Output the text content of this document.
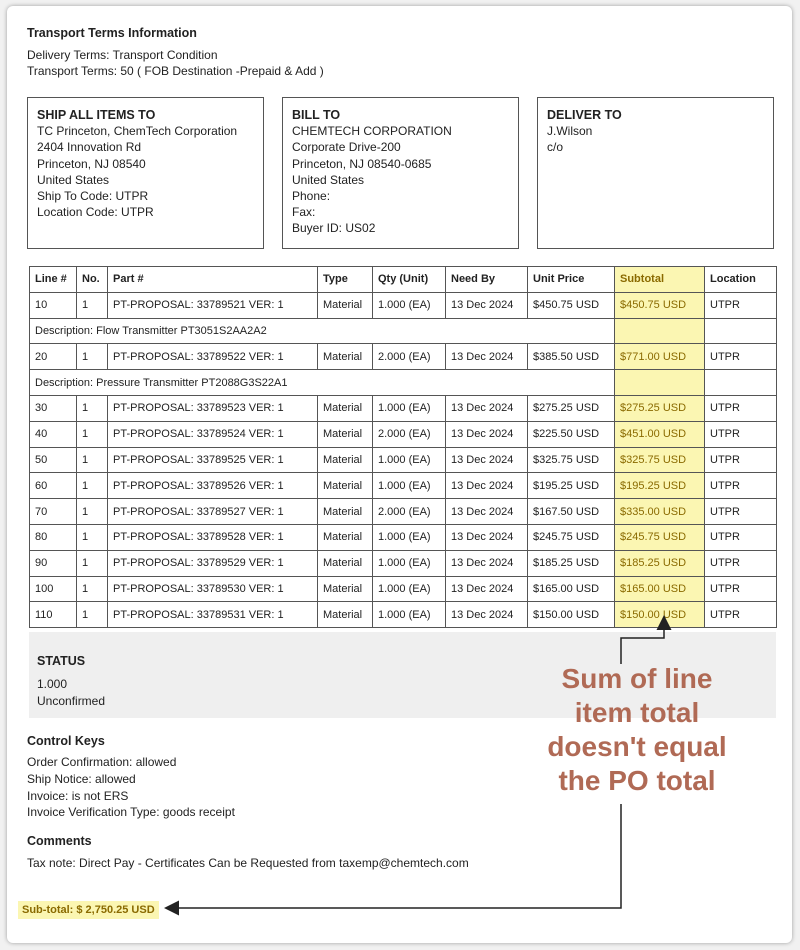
Transport Terms Information
Delivery Terms: Transport Condition
Transport Terms: 50 ( FOB Destination -Prepaid & Add )
SHIP ALL ITEMS TO
TC Princeton, ChemTech Corporation
2404 Innovation Rd
Princeton, NJ 08540
United States
Ship To Code: UTPR
Location Code: UTPR
BILL TO
CHEMTECH CORPORATION
Corporate Drive-200
Princeton, NJ 08540-0685
United States
Phone:
Fax:
Buyer ID: US02
DELIVER TO
J.Wilson
c/o
Line #	No.	Part #	Type	Qty (Unit)	Need By	Unit Price	Subtotal	Location
10	1	PT-PROPOSAL: 33789521 VER: 1	Material	1.000 (EA)	13 Dec 2024	$450.75 USD	$450.75 USD	UTPR
Description: Flow Transmitter PT3051S2AA2A2								
20	1	PT-PROPOSAL: 33789522 VER: 1	Material	2.000 (EA)	13 Dec 2024	$385.50 USD	$771.00 USD	UTPR
Description: Pressure Transmitter PT2088G3S22A1								
30	1	PT-PROPOSAL: 33789523 VER: 1	Material	1.000 (EA)	13 Dec 2024	$275.25 USD	$275.25 USD	UTPR
40	1	PT-PROPOSAL: 33789524 VER: 1	Material	2.000 (EA)	13 Dec 2024	$225.50 USD	$451.00 USD	UTPR
50	1	PT-PROPOSAL: 33789525 VER: 1	Material	1.000 (EA)	13 Dec 2024	$325.75 USD	$325.75 USD	UTPR
60	1	PT-PROPOSAL: 33789526 VER: 1	Material	1.000 (EA)	13 Dec 2024	$195.25 USD	$195.25 USD	UTPR
70	1	PT-PROPOSAL: 33789527 VER: 1	Material	2.000 (EA)	13 Dec 2024	$167.50 USD	$335.00 USD	UTPR
80	1	PT-PROPOSAL: 33789528 VER: 1	Material	1.000 (EA)	13 Dec 2024	$245.75 USD	$245.75 USD	UTPR
90	1	PT-PROPOSAL: 33789529 VER: 1	Material	1.000 (EA)	13 Dec 2024	$185.25 USD	$185.25 USD	UTPR
100	1	PT-PROPOSAL: 33789530 VER: 1	Material	1.000 (EA)	13 Dec 2024	$165.00 USD	$165.00 USD	UTPR
110	1	PT-PROPOSAL: 33789531 VER: 1	Material	1.000 (EA)	13 Dec 2024	$150.00 USD	$150.00 USD	UTPR
STATUS
1.000
Unconfirmed
Control Keys
Order Confirmation: allowed
Ship Notice: allowed
Invoice: is not ERS
Invoice Verification Type: goods receipt
Comments
Tax note: Direct Pay - Certificates Can be Requested from taxemp@chemtech.com
Sub-total: $ 2,750.25 USD
Sum of line
item total
doesn't equal
the PO total
